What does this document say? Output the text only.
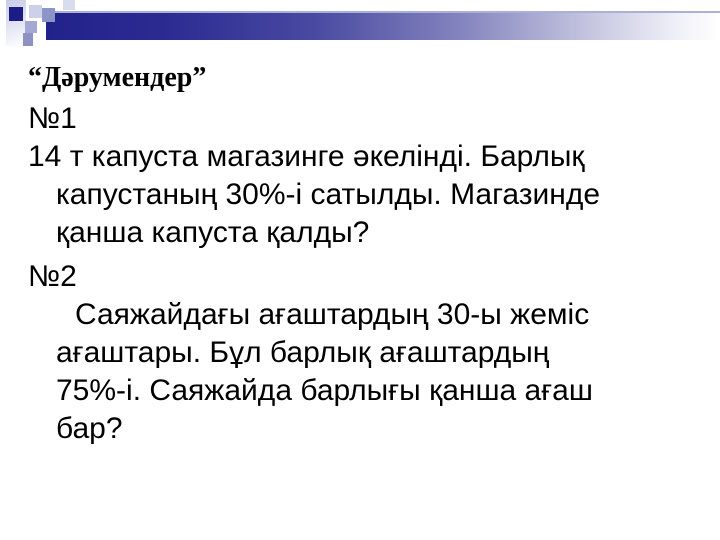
“Дәрумендер”
№1
14 т капуста магазинге әкелінді. Барлық
капустаның 30%-і сатылды. Магазинде
қанша капуста қалды?
№2
Саяжайдағы ағаштардың 30-ы жеміс
ағаштары. Бұл барлық ағаштардың
75%-і. Саяжайда барлығы қанша ағаш
бар?
